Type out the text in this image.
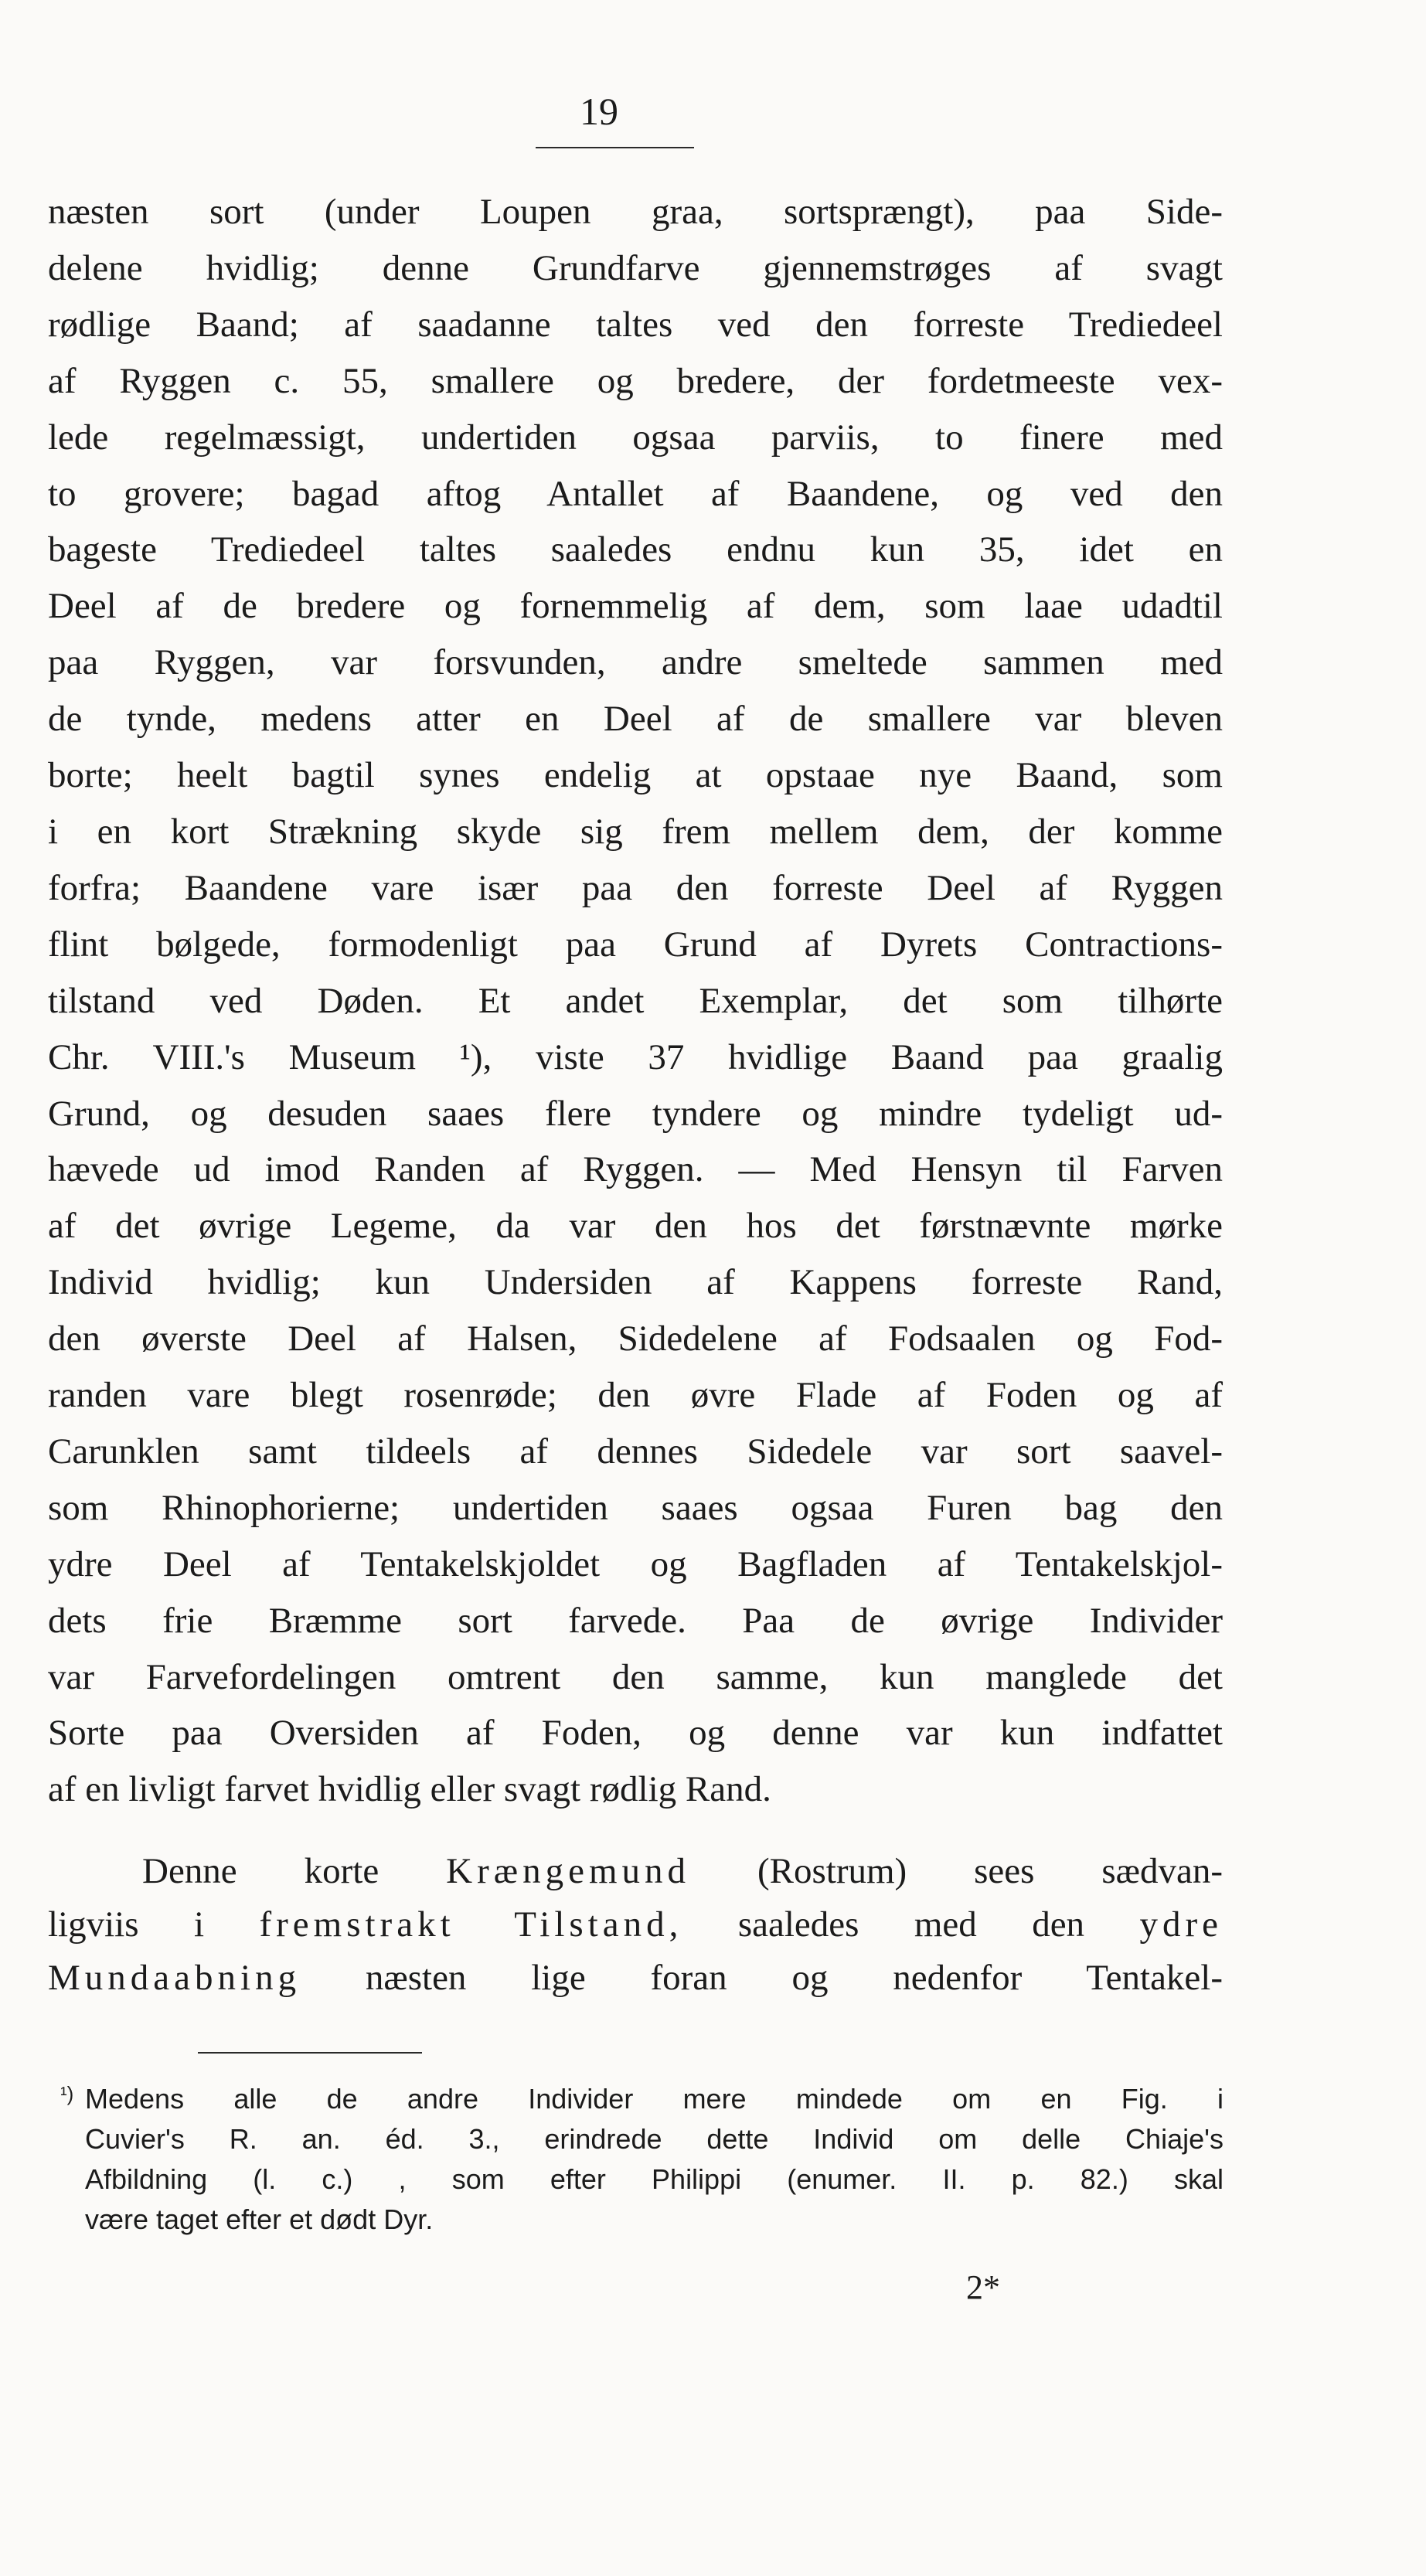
19
næsten sort (under Loupen graa, sortsprængt), paa Side-
delene hvidlig; denne Grundfarve gjennemstrøges af svagt
rødlige Baand; af saadanne taltes ved den forreste Trediedeel
af Ryggen c. 55, smallere og bredere, der fordetmeeste vex-
lede regelmæssigt, undertiden ogsaa parviis, to finere med
to grovere; bagad aftog Antallet af Baandene, og ved den
bageste Trediedeel taltes saaledes endnu kun 35, idet en
Deel af de bredere og fornemmelig af dem, som laae udadtil
paa Ryggen, var forsvunden, andre smeltede sammen med
de tynde, medens atter en Deel af de smallere var bleven
borte; heelt bagtil synes endelig at opstaae nye Baand, som
i en kort Strækning skyde sig frem mellem dem, der komme
forfra; Baandene vare især paa den forreste Deel af Ryggen
flint bølgede, formodenligt paa Grund af Dyrets Contractions-
tilstand ved Døden. Et andet Exemplar, det som tilhørte
Chr. VIII.'s Museum ¹), viste 37 hvidlige Baand paa graalig
Grund, og desuden saaes flere tyndere og mindre tydeligt ud-
hævede ud imod Randen af Ryggen. — Med Hensyn til Farven
af det øvrige Legeme, da var den hos det førstnævnte mørke
Individ hvidlig; kun Undersiden af Kappens forreste Rand,
den øverste Deel af Halsen, Sidedelene af Fodsaalen og Fod-
randen vare blegt rosenrøde; den øvre Flade af Foden og af
Carunklen samt tildeels af dennes Sidedele var sort saavel-
som Rhinophorierne; undertiden saaes ogsaa Furen bag den
ydre Deel af Tentakelskjoldet og Bagfladen af Tentakelskjol-
dets frie Bræmme sort farvede. Paa de øvrige Individer
var Farvefordelingen omtrent den samme, kun manglede det
Sorte paa Oversiden af Foden, og denne var kun indfattet
af en livligt farvet hvidlig eller svagt rødlig Rand.
Denne korte Krængemund (Rostrum) sees sædvan-
ligviis i fremstrakt Tilstand, saaledes med den ydre
Mundaabning næsten lige foran og nedenfor Tentakel-
¹) Medens alle de andre Individer mere mindede om en Fig. i
Cuvier's R. an. éd. 3., erindrede dette Individ om delle Chiaje's
Afbildning (l. c.) , som efter Philippi (enumer. II. p. 82.) skal
være taget efter et dødt Dyr.
2*
